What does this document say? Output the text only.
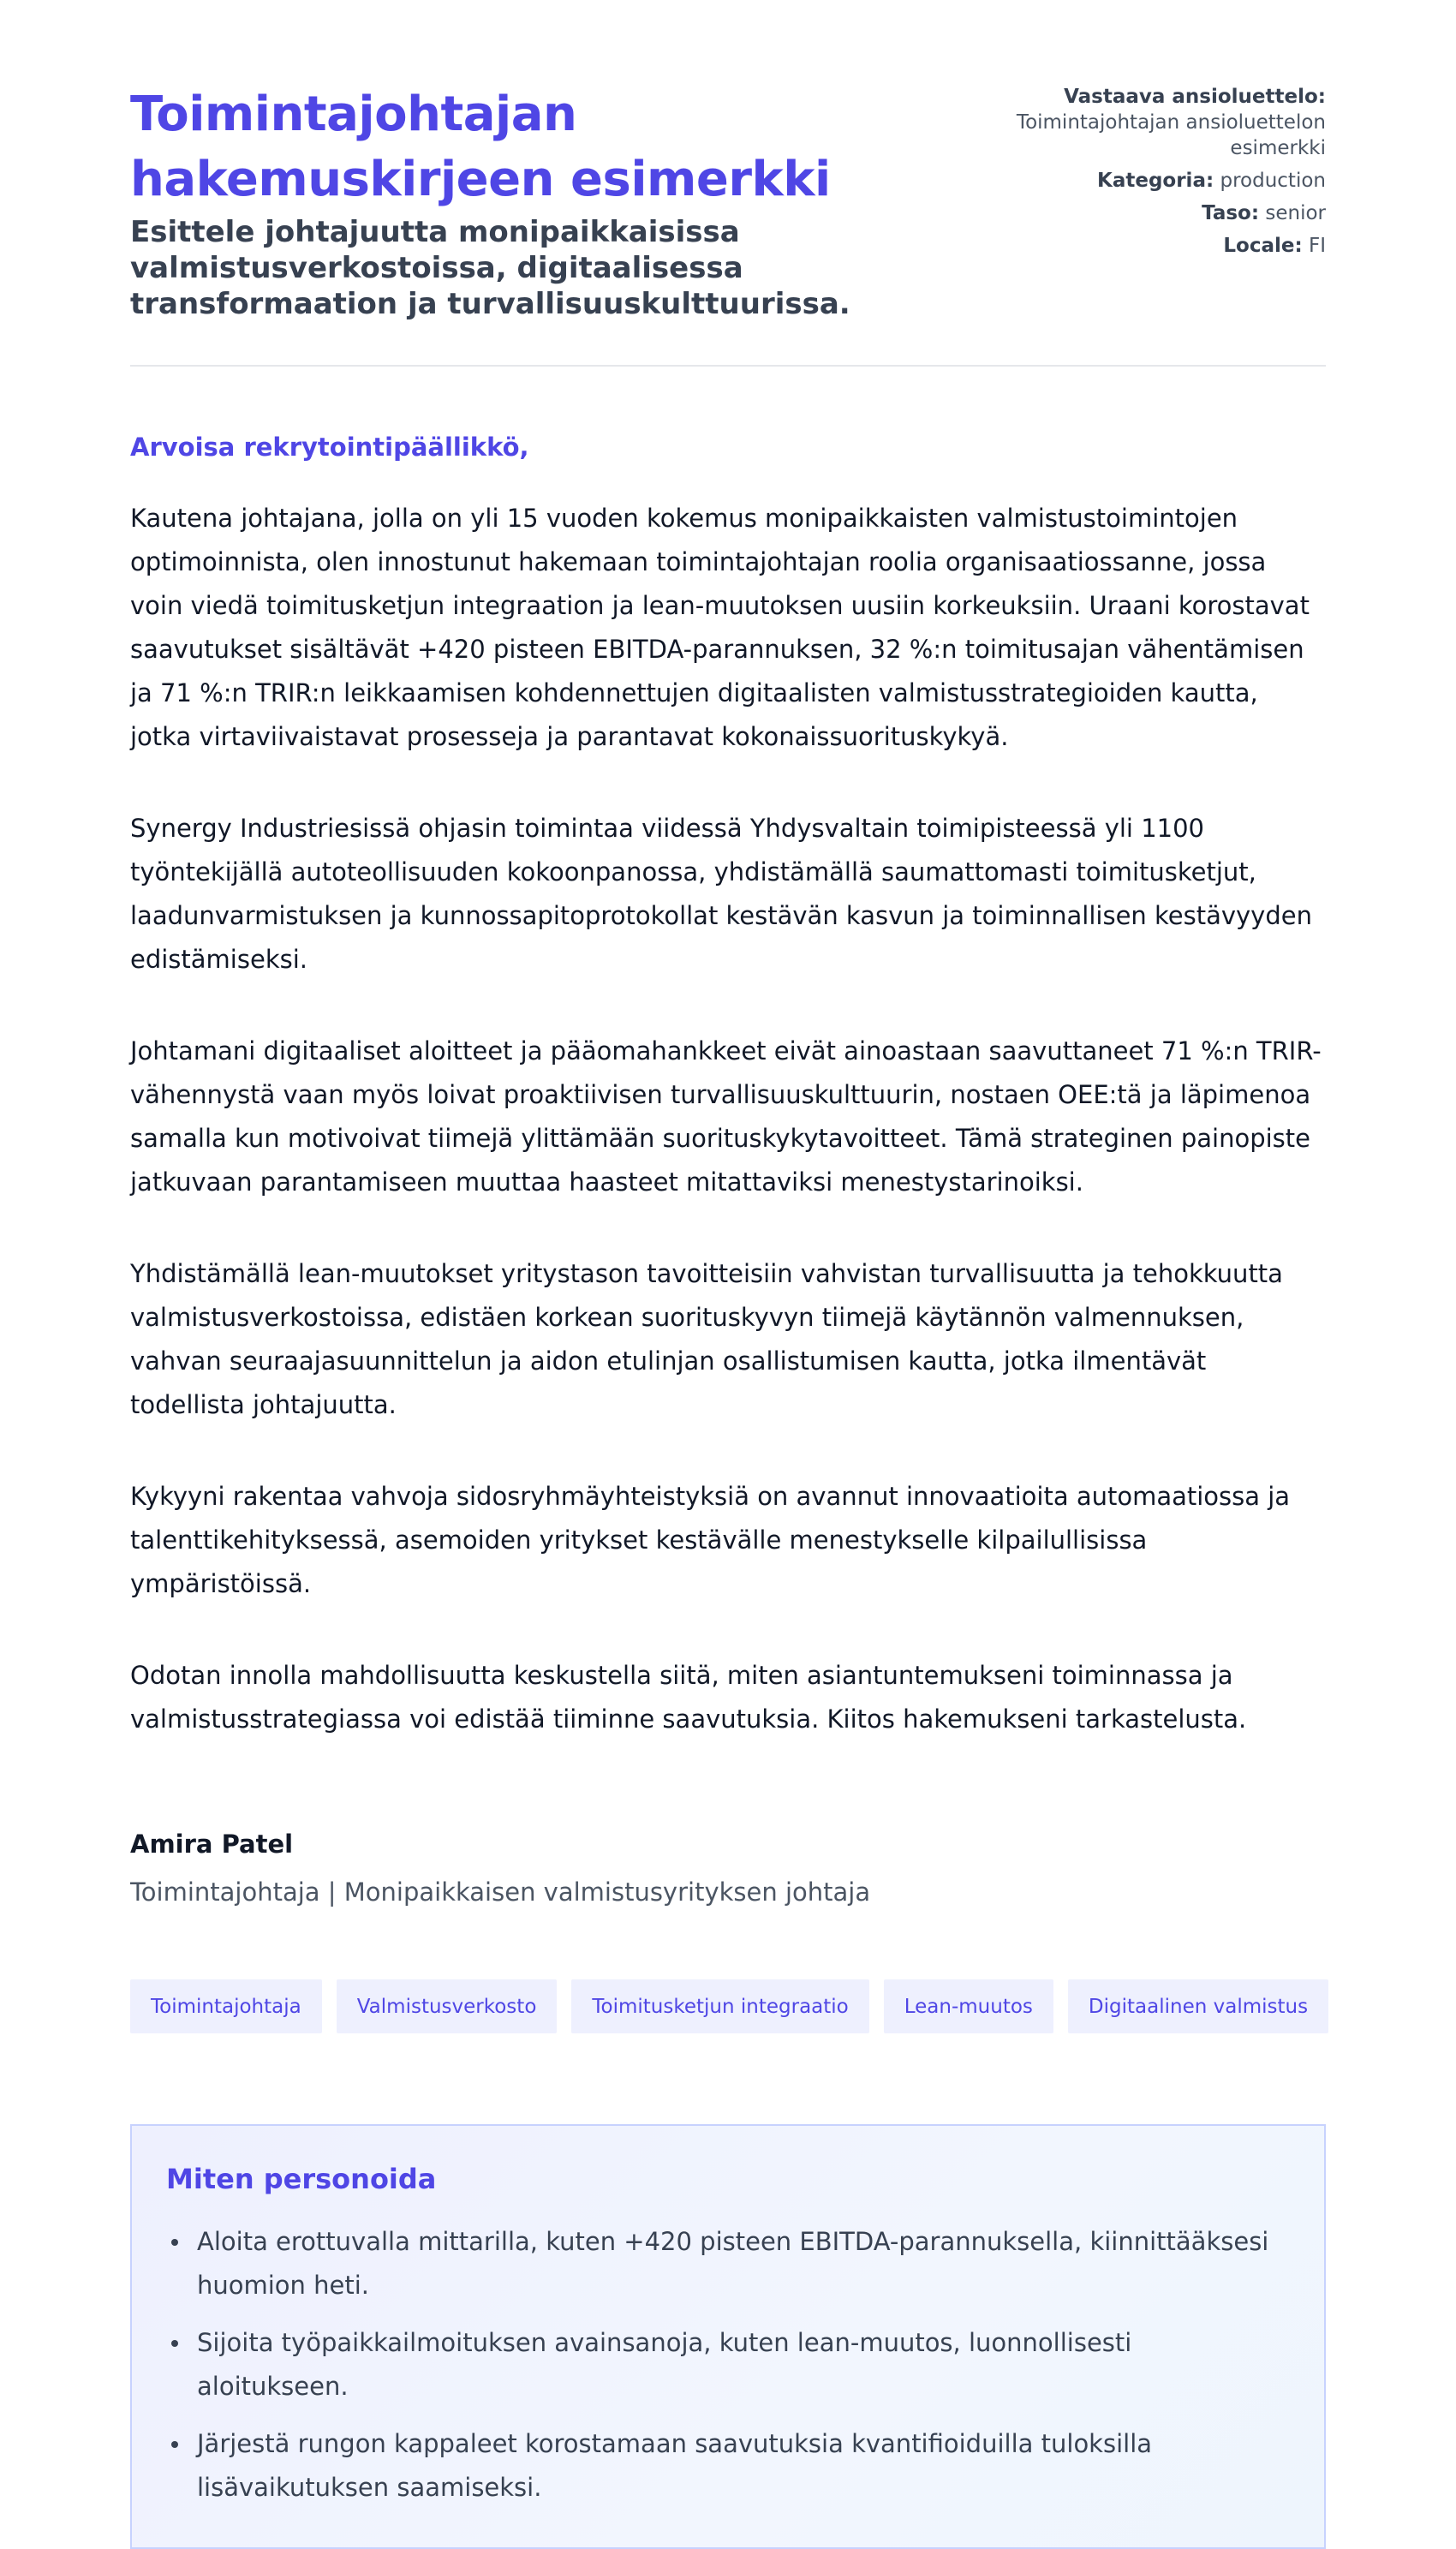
Toimintajohtajan hakemuskirjeen esimerkki
Esittele johtajuutta monipaikkaisissa valmistusverkostoissa, digitaalisessa transformaation ja turvallisuuskulttuurissa.
Vastaava ansioluettelo:
Toimintajohtajan ansioluettelon esimerkki
Kategoria: production
Taso: senior
Locale: FI
Arvoisa rekrytointipäällikkö,

Kautena johtajana, jolla on yli 15 vuoden kokemus monipaikkaisten valmistustoimintojen optimoinnista, olen innostunut hakemaan toimintajohtajan roolia organisaatiossanne, jossa voin viedä toimitusketjun integraation ja lean-muutoksen uusiin korkeuksiin. Uraani korostavat saavutukset sisältävät +420 pisteen EBITDA-parannuksen, 32 %:n toimitusajan vähentämisen ja 71 %:n TRIR:n leikkaamisen kohdennettujen digitaalisten valmistusstrategioiden kautta, jotka virtaviivaistavat prosesseja ja parantavat kokonaissuorituskykyä.

Synergy Industriesissä ohjasin toimintaa viidessä Yhdysvaltain toimipisteessä yli 1100 työntekijällä autoteollisuuden kokoonpanossa, yhdistämällä saumattomasti toimitusketjut, laadunvarmistuksen ja kunnossapitoprotokollat kestävän kasvun ja toiminnallisen kestävyyden edistämiseksi.

Johtamani digitaaliset aloitteet ja pääomahankkeet eivät ainoastaan saavuttaneet 71 %:n TRIR-vähennystä vaan myös loivat proaktiivisen turvallisuuskulttuurin, nostaen OEE:tä ja läpimenoa samalla kun motivoivat tiimejä ylittämään suorituskykytavoitteet. Tämä strateginen painopiste jatkuvaan parantamiseen muuttaa haasteet mitattaviksi menestystarinoiksi.

Yhdistämällä lean-muutokset yritystason tavoitteisiin vahvistan turvallisuutta ja tehokkuutta valmistusverkostoissa, edistäen korkean suorituskyvyn tiimejä käytännön valmennuksen, vahvan seuraajasuunnittelun ja aidon etulinjan osallistumisen kautta, jotka ilmentävät todellista johtajuutta.

Kykyyni rakentaa vahvoja sidosryhmäyhteistyksiä on avannut innovaatioita automaatiossa ja talenttikehityksessä, asemoiden yritykset kestävälle menestykselle kilpailullisissa ympäristöissä.

Odotan innolla mahdollisuutta keskustella siitä, miten asiantuntemukseni toiminnassa ja valmistusstrategiassa voi edistää tiiminne saavutuksia. Kiitos hakemukseni tarkastelusta.

Amira Patel
Toimintajohtaja | Monipaikkaisen valmistusyrityksen johtaja
Toimintajohtaja	Valmistusverkosto	Toimitusketjun integraatio	Lean-muutos	Digitaalinen valmistus
Miten personoida
Aloita erottuvalla mittarilla, kuten +420 pisteen EBITDA-parannuksella, kiinnittääksesi huomion heti.
Sijoita työpaikkailmoituksen avainsanoja, kuten lean-muutos, luonnollisesti aloitukseen.
Järjestä rungon kappaleet korostamaan saavutuksia kvantifioiduilla tuloksilla lisävaikutuksen saamiseksi.
